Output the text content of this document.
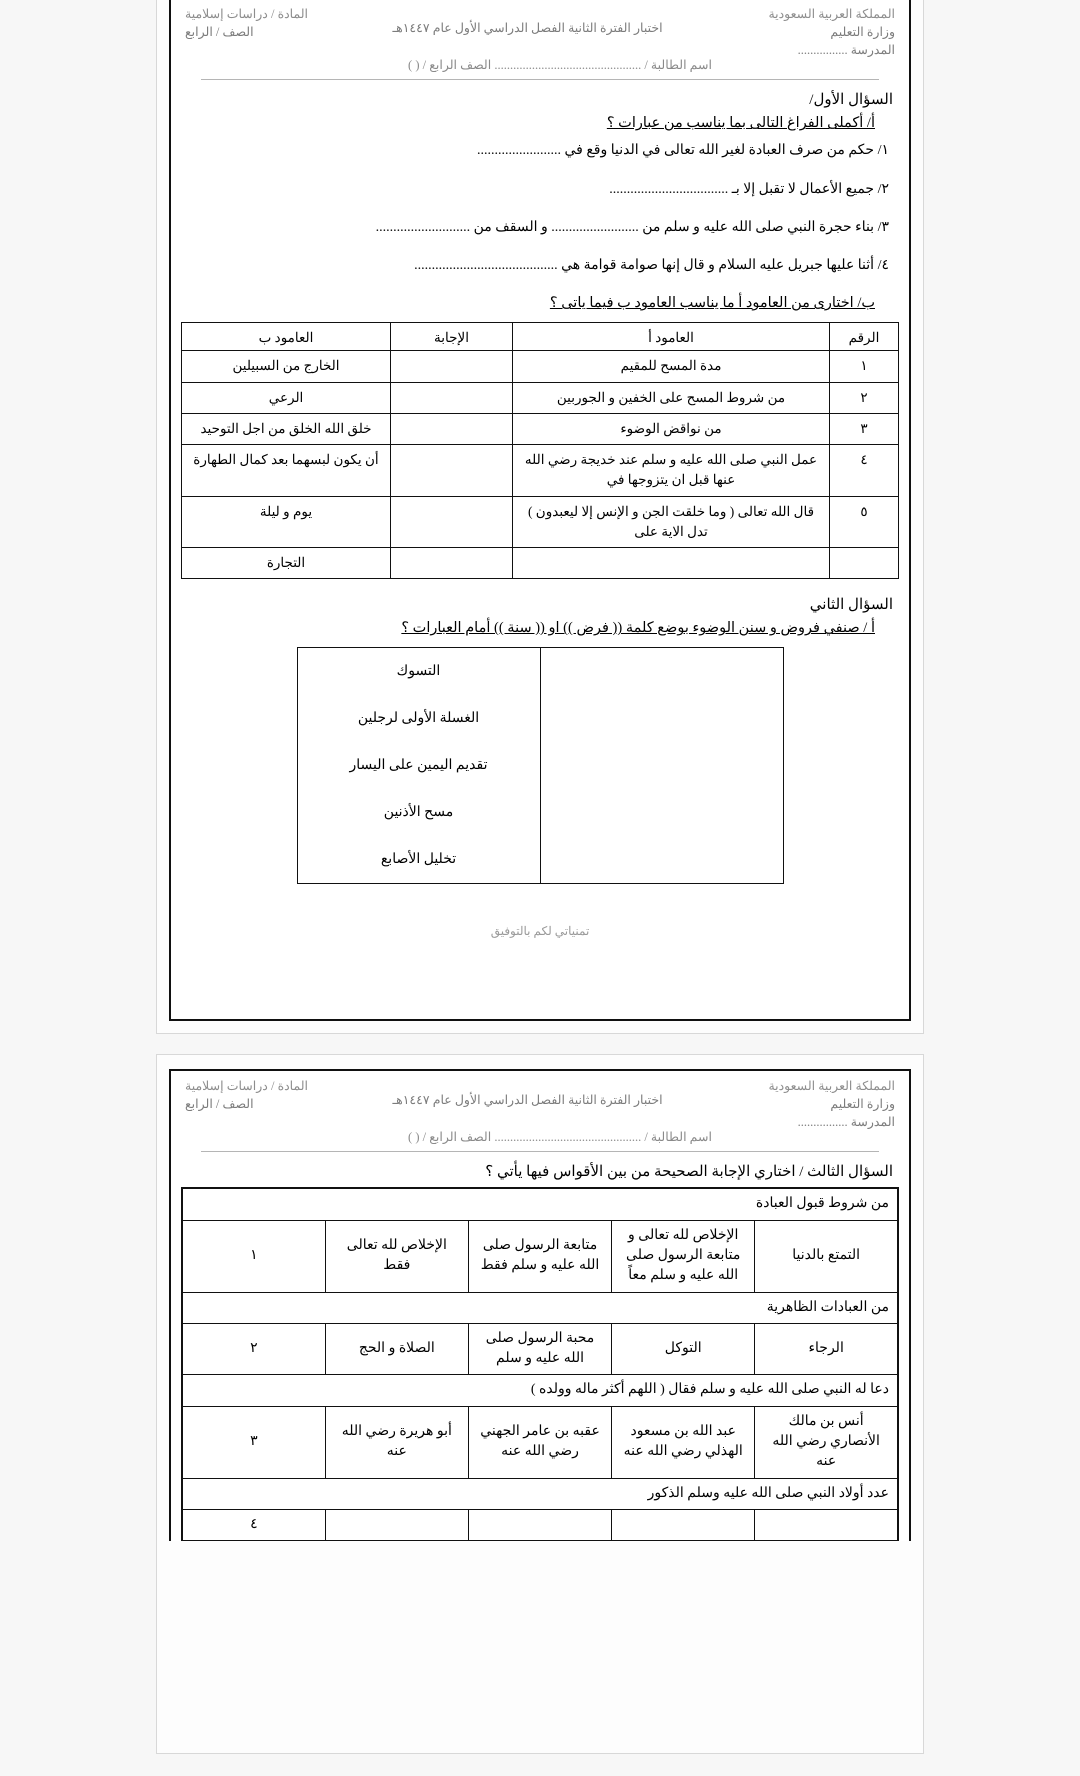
المملكة العربية السعودية
وزارة التعليم
المدرسة ................
اختبار الفترة الثانية الفصل الدراسي الأول عام ١٤٤٧هـ
المادة / دراسات إسلامية
الصف / الرابع
اسم الطالبة / ............................................... الصف الرابع / ( )
السؤال الأول/
أ/ أكملى الفراغ التالى بما يناسب من عبارات ؟
١/ حكم من صرف العبادة لغير الله تعالى في الدنيا وقع في ........................
٢/ جميع الأعمال لا تقبل إلا بـ ..................................
٣/ بناء حجرة النبي صلى الله عليه و سلم من ......................... و السقف من ...........................
٤/ أثنا عليها جبريل عليه السلام و قال إنها صوامة قوامة هي .........................................
ب/ اختارى من العامود أ ما يناسب العامود ب فيما ياتى ؟
الرقم	العامود أ	الإجابة	العامود ب
١	مدة المسح للمقيم		الخارج من السبيلين
٢	من شروط المسح على الخفين و الجوربين		الرعي
٣	من نواقض الوضوء		خلق الله الخلق من اجل التوحيد
٤	عمل النبي صلى الله عليه و سلم عند خديجة رضي الله عنها قبل ان يتزوجها في		أن يكون لبسهما بعد كمال الطهارة
٥	قال الله تعالى ( وما خلقت الجن و الإنس إلا ليعبدون ) تدل الاية على		يوم و ليلة
			التجارة
السؤال الثاني
أ / صنفي فروض و سنن الوضوء بوضع كلمة (( فرض )) او (( سنة )) أمام العبارات ؟
	التسوك
	الغسلة الأولى لرجلين
	تقديم اليمين على اليسار
	مسح الأذنين
	تخليل الأصابع
تمنياتي لكم بالتوفيق
المملكة العربية السعودية
وزارة التعليم
المدرسة ................
اختبار الفترة الثانية الفصل الدراسي الأول عام ١٤٤٧هـ
المادة / دراسات إسلامية
الصف / الرابع
اسم الطالبة / ............................................... الصف الرابع / ( )
السؤال الثالث / اختاري الإجابة الصحيحة من بين الأقواس فيها يأتي ؟
من شروط قبول العبادة				
التمتع بالدنيا	الإخلاص لله تعالى و متابعة الرسول صلى الله عليه و سلم معاً	متابعة الرسول صلى الله عليه و سلم فقط	الإخلاص لله تعالى فقط	١
من العبادات الظاهرية				
الرجاء	التوكل	محبة الرسول صلى الله عليه و سلم	الصلاة و الحج	٢
دعا له النبي صلى الله عليه و سلم فقال ( اللهم أكثر ماله وولده )				
أنس بن مالك الأنصاري رضي الله عنه	عبد الله بن مسعود الهذلي رضي الله عنه	عقبه بن عامر الجهني رضي الله عنه	أبو هريرة رضي الله عنه	٣
عدد أولاد النبي صلى الله عليه وسلم الذكور				
				٤
